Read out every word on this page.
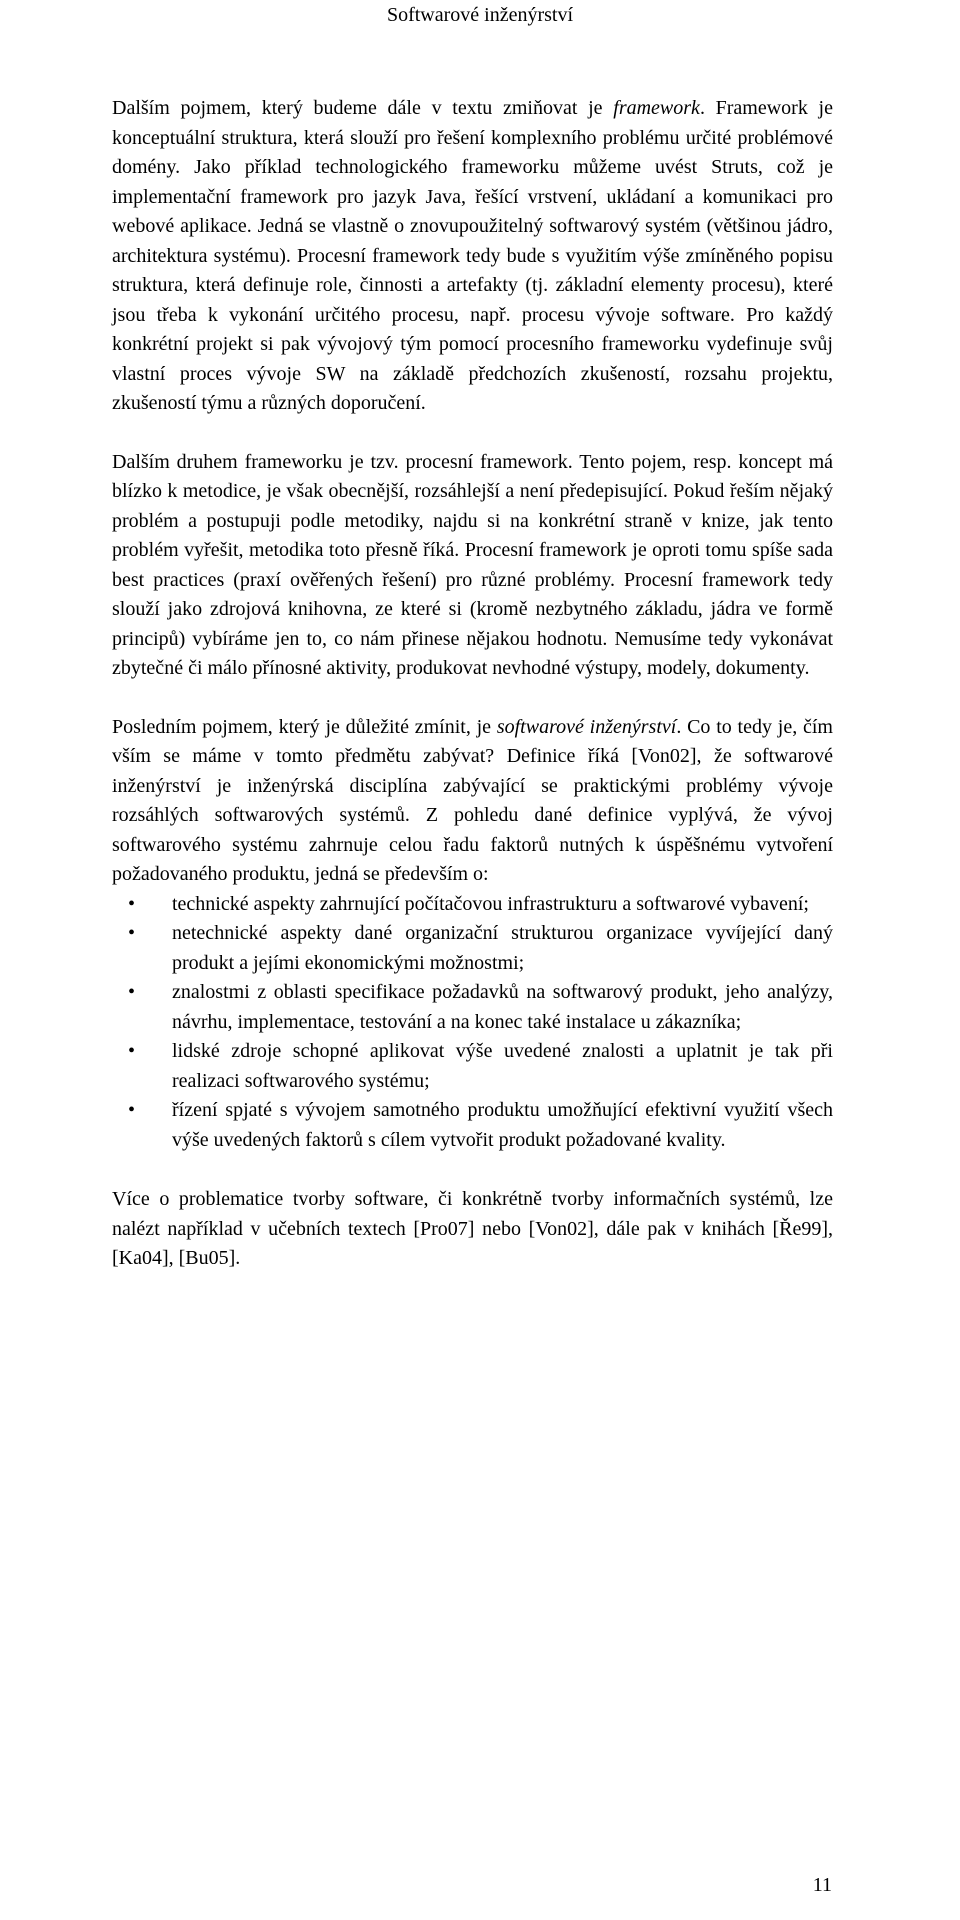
Softwarové inženýrství

Dalším pojmem, který budeme dále v textu zmiňovat je framework. Framework je konceptuální struktura, která slouží pro řešení komplexního problému určité problémové domény. Jako příklad technologického frameworku můžeme uvést Struts, což je implementační framework pro jazyk Java, řešící vrstvení, ukládaní a komunikaci pro webové aplikace. Jedná se vlastně o znovupoužitelný softwarový systém (většinou jádro, architektura systému). Procesní framework tedy bude s využitím výše zmíněného popisu struktura, která definuje role, činnosti a artefakty (tj. základní elementy procesu), které jsou třeba k vykonání určitého procesu, např. procesu vývoje software. Pro každý konkrétní projekt si pak vývojový tým pomocí procesního frameworku vydefinuje svůj vlastní proces vývoje SW na základě předchozích zkušeností, rozsahu projektu, zkušeností týmu a různých doporučení.

Dalším druhem frameworku je tzv. procesní framework. Tento pojem, resp. koncept má blízko k metodice, je však obecnější, rozsáhlejší a není předepisující. Pokud řeším nějaký problém a postupuji podle metodiky, najdu si na konkrétní straně v knize, jak tento problém vyřešit, metodika toto přesně říká. Procesní framework je oproti tomu spíše sada best practices (praxí ověřených řešení) pro různé problémy. Procesní framework tedy slouží jako zdrojová knihovna, ze které si (kromě nezbytného základu, jádra ve formě principů) vybíráme jen to, co nám přinese nějakou hodnotu. Nemusíme tedy vykonávat zbytečné či málo přínosné aktivity, produkovat nevhodné výstupy, modely, dokumenty.

Posledním pojmem, který je důležité zmínit, je softwarové inženýrství. Co to tedy je, čím vším se máme v tomto předmětu zabývat? Definice říká [Von02], že softwarové inženýrství je inženýrská disciplína zabývající se praktickými problémy vývoje rozsáhlých softwarových systémů. Z pohledu dané definice vyplývá, že vývoj softwarového systému zahrnuje celou řadu faktorů nutných k úspěšnému vytvoření požadovaného produktu, jedná se především o:

• technické aspekty zahrnující počítačovou infrastrukturu a softwarové vybavení;
• netechnické aspekty dané organizační strukturou organizace vyvíjející daný produkt a jejími ekonomickými možnostmi;
• znalostmi z oblasti specifikace požadavků na softwarový produkt, jeho analýzy, návrhu, implementace, testování a na konec také instalace u zákazníka;
• lidské zdroje schopné aplikovat výše uvedené znalosti a uplatnit je tak při realizaci softwarového systému;
• řízení spjaté s vývojem samotného produktu umožňující efektivní využití všech výše uvedených faktorů s cílem vytvořit produkt požadované kvality.

Více o problematice tvorby software, či konkrétně tvorby informačních systémů, lze nalézt například v učebních textech [Pro07] nebo [Von02], dále pak v knihách [Ře99], [Ka04], [Bu05].

11
